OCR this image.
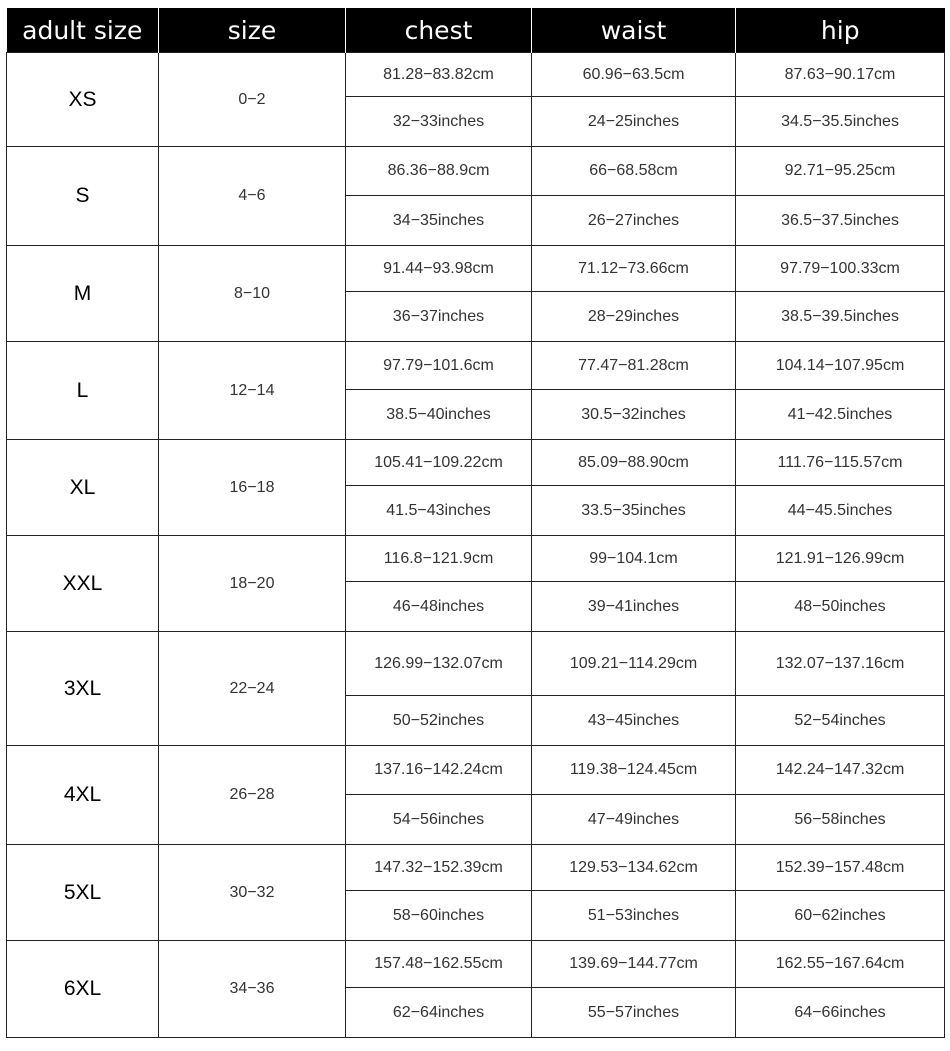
adult size	size	chest	waist	hip
XS	0−2	81.28−83.82cm	60.96−63.5cm	87.63−90.17cm
		32−33inches	24−25inches	34.5−35.5inches
S	4−6	86.36−88.9cm	66−68.58cm	92.71−95.25cm
		34−35inches	26−27inches	36.5−37.5inches
M	8−10	91.44−93.98cm	71.12−73.66cm	97.79−100.33cm
		36−37inches	28−29inches	38.5−39.5inches
L	12−14	97.79−101.6cm	77.47−81.28cm	104.14−107.95cm
		38.5−40inches	30.5−32inches	41−42.5inches
XL	16−18	105.41−109.22cm	85.09−88.90cm	111.76−115.57cm
		41.5−43inches	33.5−35inches	44−45.5inches
XXL	18−20	116.8−121.9cm	99−104.1cm	121.91−126.99cm
		46−48inches	39−41inches	48−50inches
3XL	22−24	126.99−132.07cm	109.21−114.29cm	132.07−137.16cm
		50−52inches	43−45inches	52−54inches
4XL	26−28	137.16−142.24cm	119.38−124.45cm	142.24−147.32cm
		54−56inches	47−49inches	56−58inches
5XL	30−32	147.32−152.39cm	129.53−134.62cm	152.39−157.48cm
		58−60inches	51−53inches	60−62inches
6XL	34−36	157.48−162.55cm	139.69−144.77cm	162.55−167.64cm
		62−64inches	55−57inches	64−66inches
